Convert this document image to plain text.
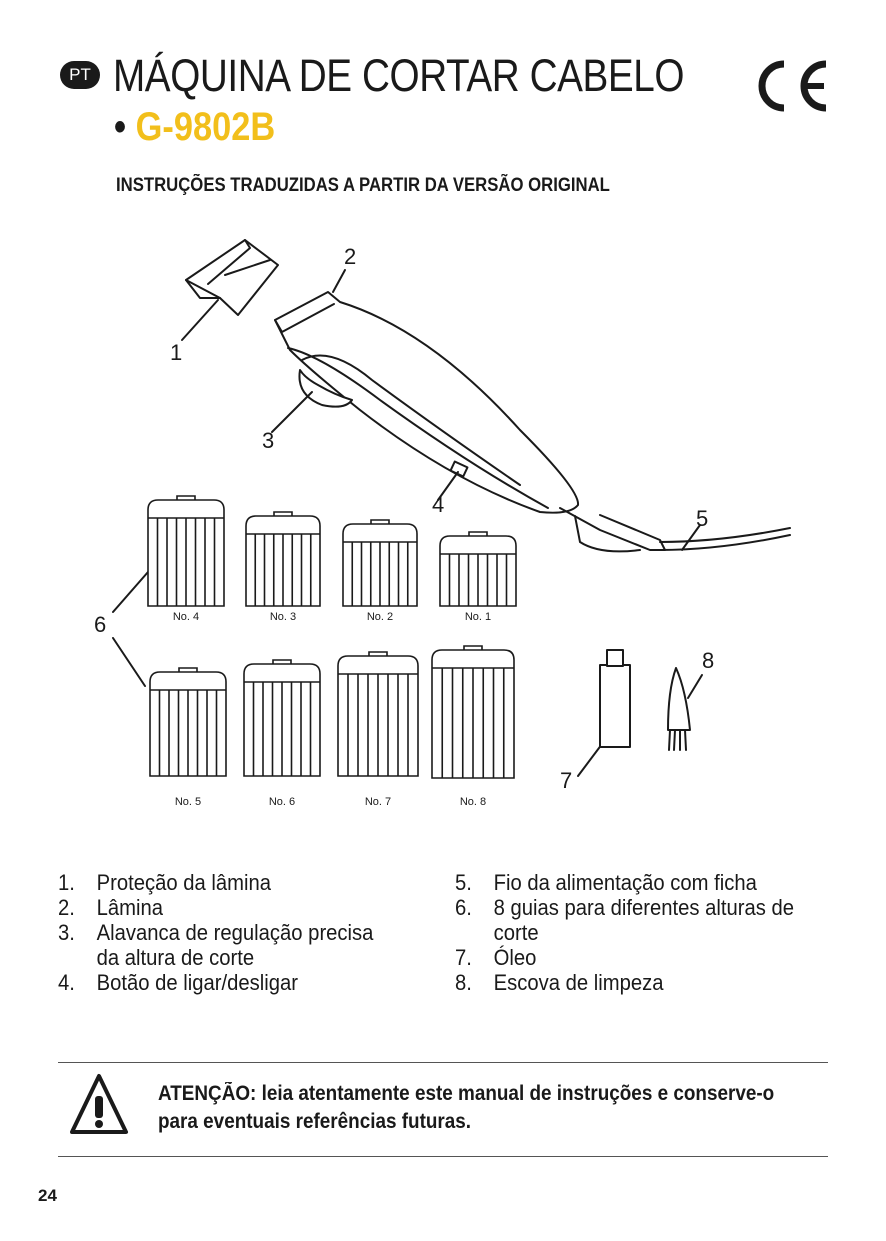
PT MÁQUINA DE CORTAR CABELO
• G-9802B
INSTRUÇÕES TRADUZIDAS A PARTIR DA VERSÃO ORIGINAL
No. 4	No. 3	No. 2	No. 1
No. 5	No. 6	No. 7	No. 8
1
2
3
4
5
6
7
8
1. Proteção da lâmina
2. Lâmina
3. Alavanca de regulação precisa da altura de corte
4. Botão de ligar/desligar
5. Fio da alimentação com ficha
6. 8 guias para diferentes alturas de corte
7. Óleo
8. Escova de limpeza
ATENÇÃO: leia atentamente este manual de instruções e conserve-o para eventuais referências futuras.
24
